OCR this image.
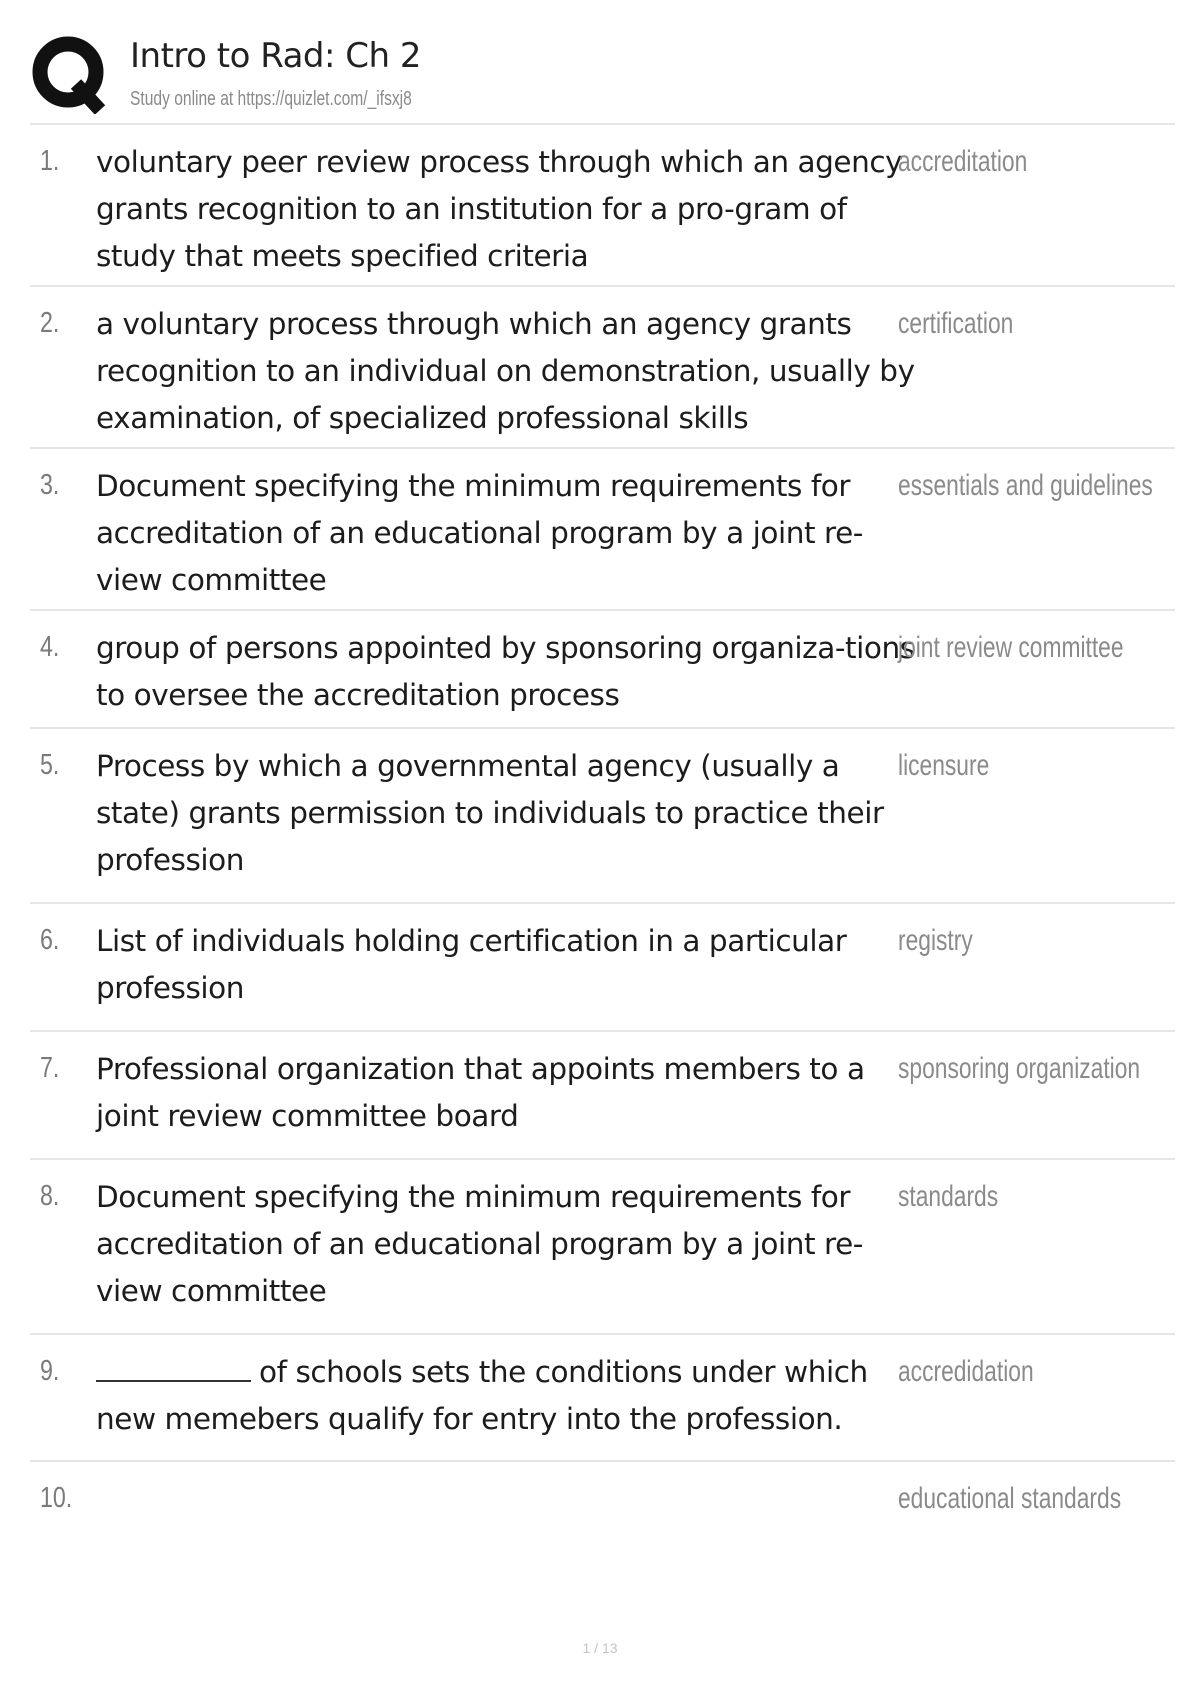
Intro to Rad: Ch 2
Study online at https://quizlet.com/_ifsxj8
1. voluntary peer review process through which an agency grants recognition to an institution for a pro-gram of study that meets specified criteria
accreditation
2. a voluntary process through which an agency grants recognition to an individual on demonstration, usually by examination, of specialized professional skills
certification
3. Document specifying the minimum requirements for accreditation of an educational program by a joint re-view committee
essentials and guidelines
4. group of persons appointed by sponsoring organiza-tions to oversee the accreditation process
joint review committee
5. Process by which a governmental agency (usually a state) grants permission to individuals to practice their profession
licensure
6. List of individuals holding certification in a particular profession
registry
7. Professional organization that appoints members to a joint review committee board
sponsoring organization
8. Document specifying the minimum requirements for accreditation of an educational program by a joint re-view committee
standards
9.	of schools sets the conditions under which new memebers qualify for entry into the profession.
accredidation
10.	educational standards
1 / 13
